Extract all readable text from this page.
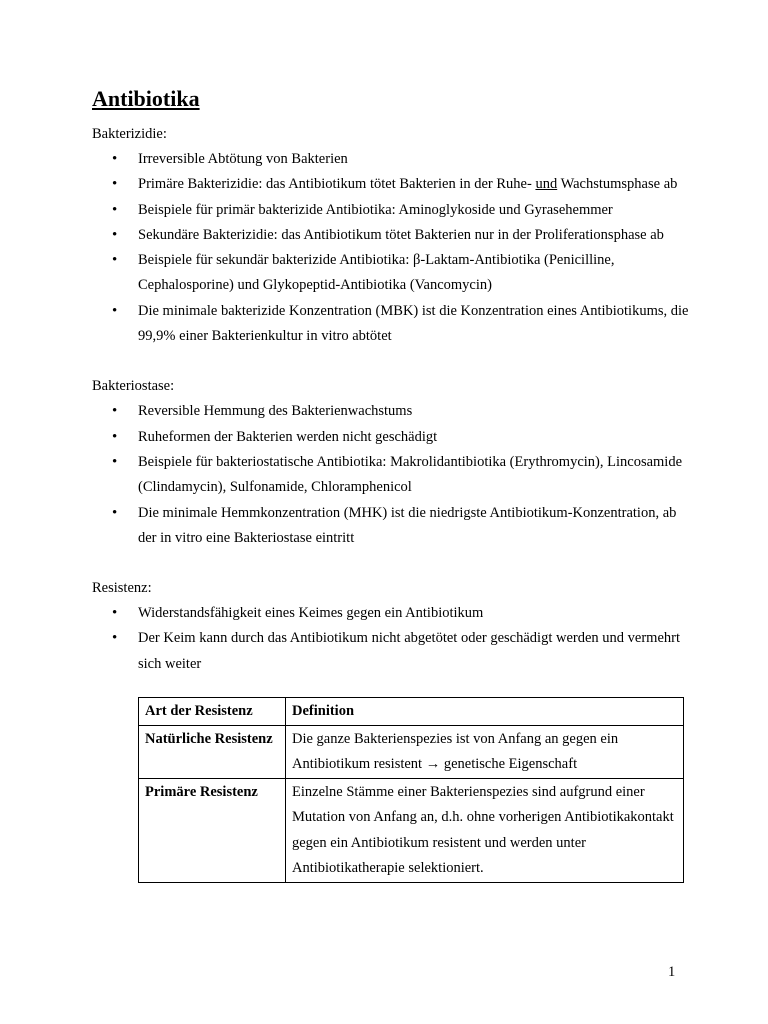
Antibiotika

Bakterizidie:

• Irreversible Abtötung von Bakterien
• Primäre Bakterizidie: das Antibiotikum tötet Bakterien in der Ruhe- und Wachstumsphase ab
• Beispiele für primär bakterizide Antibiotika: Aminoglykoside und Gyrasehemmer
• Sekundäre Bakterizidie: das Antibiotikum tötet Bakterien nur in der Proliferationsphase ab
• Beispiele für sekundär bakterizide Antibiotika: β-Laktam-Antibiotika (Penicilline, Cephalosporine) und Glykopeptid-Antibiotika (Vancomycin)
• Die minimale bakterizide Konzentration (MBK) ist die Konzentration eines Antibiotikums, die 99,9% einer Bakterienkultur in vitro abtötet

Bakteriostase:

• Reversible Hemmung des Bakterienwachstums
• Ruheformen der Bakterien werden nicht geschädigt
• Beispiele für bakteriostatische Antibiotika: Makrolidantibiotika (Erythromycin), Lincosamide (Clindamycin), Sulfonamide, Chloramphenicol
• Die minimale Hemmkonzentration (MHK) ist die niedrigste Antibiotikum-Konzentration, ab der in vitro eine Bakteriostase eintritt

Resistenz:

• Widerstandsfähigkeit eines Keimes gegen ein Antibiotikum
• Der Keim kann durch das Antibiotikum nicht abgetötet oder geschädigt werden und vermehrt sich weiter
Art der Resistenz	Definition
Natürliche Resistenz	Die ganze Bakterienspezies ist von Anfang an gegen ein Antibiotikum resistent → genetische Eigenschaft
Primäre Resistenz	Einzelne Stämme einer Bakterienspezies sind aufgrund einer Mutation von Anfang an, d.h. ohne vorherigen Antibiotikakontakt gegen ein Antibiotikum resistent und werden unter Antibiotikatherapie selektioniert.
1
